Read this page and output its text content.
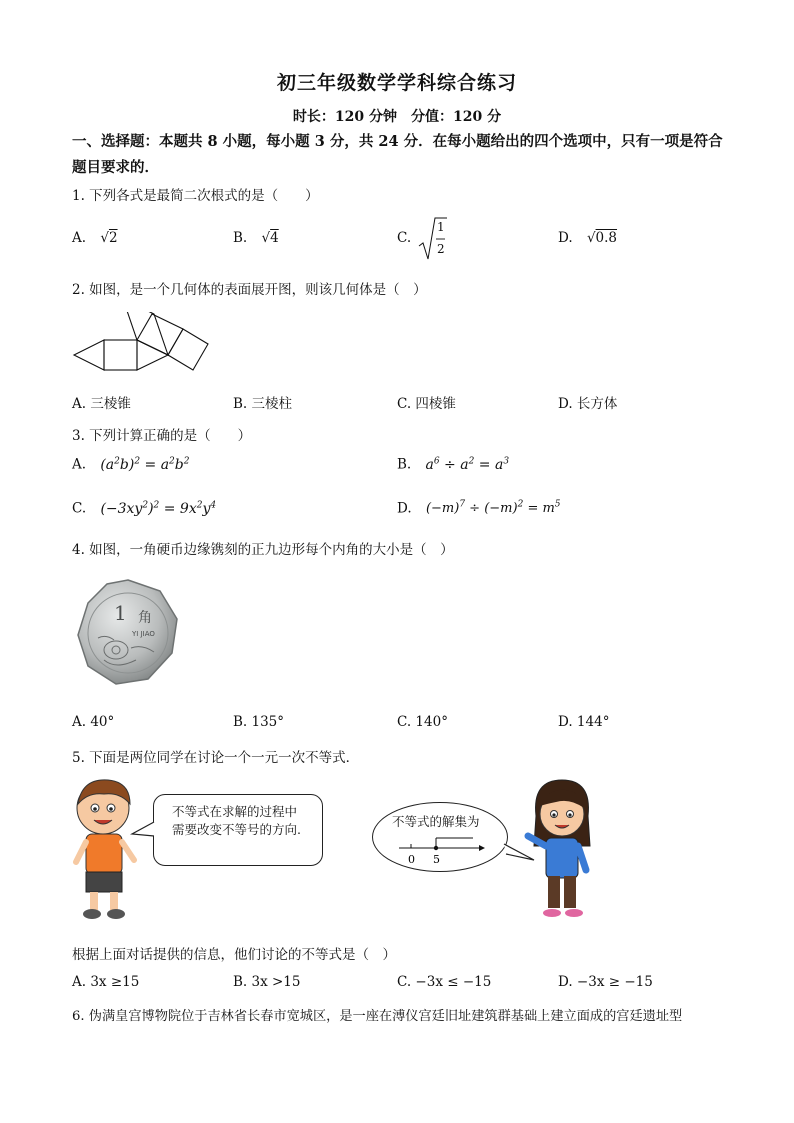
初三年级数学学科综合练习
时长：120 分钟　分值：120 分
一、选择题：本题共 8 小题，每小题 3 分，共 24 分．在每小题给出的四个选项中，只有一项是符合题目要求的．
1. 下列各式是最简二次根式的是（　　）
A. √2	B. √4	C.
1
2
D. √0.8
2. 如图，是一个几何体的表面展开图，则该几何体是（　）
A. 三棱锥	B. 三棱柱	C. 四棱锥	D. 长方体
3. 下列计算正确的是（　　）
A. $(a^2b)^2 = a^2b^2$	B. $a^6 \div a^2 = a^3$
C. $(-3xy^2)^2 = 9x^2y^4$	D. $(-m)^7 \div (-m)^2 = m^5$
4. 如图，一角硬币边缘镌刻的正九边形每个内角的大小是（　）
1 角
YI JIAO
A. 40°	B. 135°	C. 140°	D. 144°
5. 下面是两位同学在讨论一个一元一次不等式．
不等式在求解的过程中需要改变不等号的方向.
不等式的解集为
0 5
根据上面对话提供的信息，他们讨论的不等式是（　）
A. 3x ≥15	B. 3x >15	C. −3x ≤ −15	D. −3x ≥ −15
6. 伪满皇宫博物院位于吉林省长春市宽城区，是一座在溥仪宫廷旧址建筑群基础上建立面成的宫廷遗址型
